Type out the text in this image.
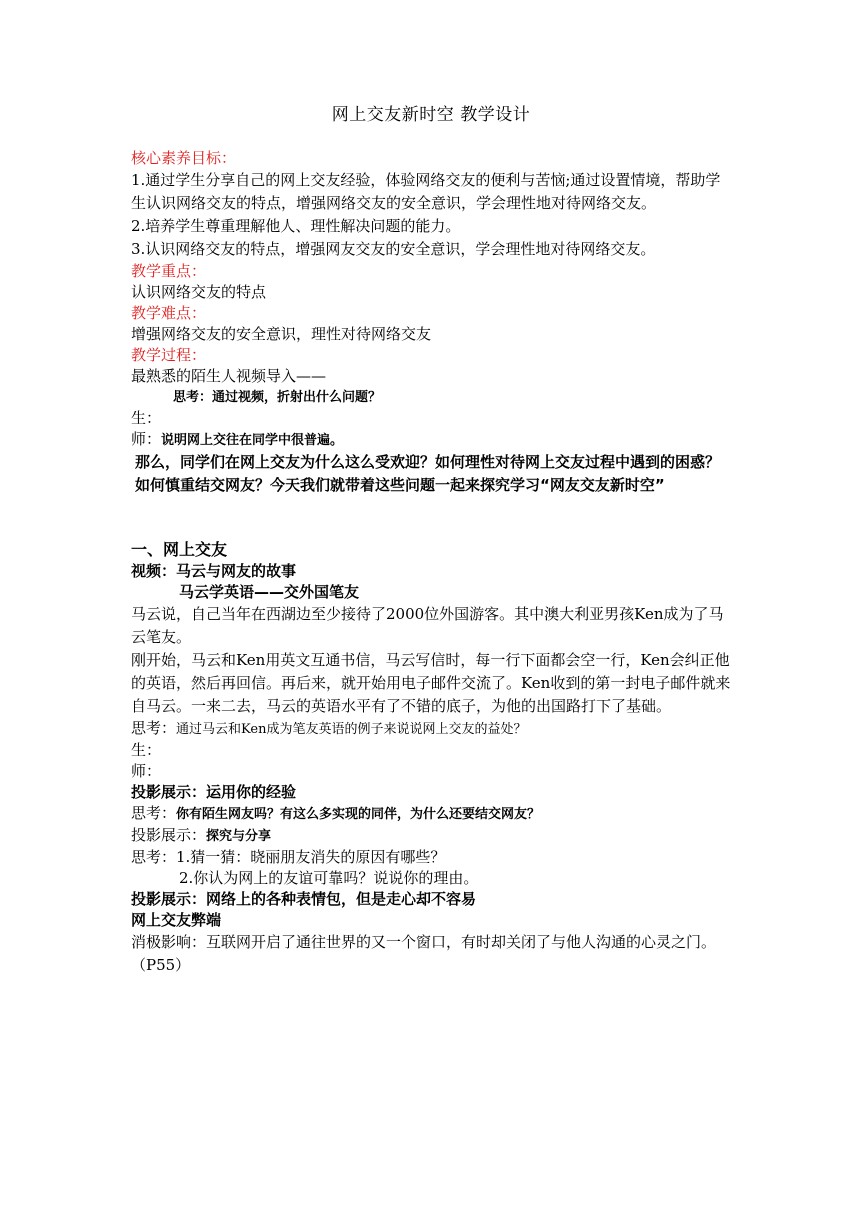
网上交友新时空 教学设计
核心素养目标：
1.通过学生分享自己的网上交友经验，体验网络交友的便利与苦恼;通过设置情境，帮助学生认识网络交友的特点，增强网络交友的安全意识，学会理性地对待网络交友。
2.培养学生尊重理解他人、理性解决问题的能力。
3.认识网络交友的特点，增强网友交友的安全意识，学会理性地对待网络交友。
教学重点：
认识网络交友的特点
教学难点：
增强网络交友的安全意识，理性对待网络交友
教学过程：
最熟悉的陌生人视频导入——
思考：通过视频，折射出什么问题？
生：
师：说明网上交往在同学中很普遍。
那么，同学们在网上交友为什么这么受欢迎？如何理性对待网上交友过程中遇到的困惑？如何慎重结交网友？今天我们就带着这些问题一起来探究学习“网友交友新时空”
一、网上交友
视频：马云与网友的故事
马云学英语——交外国笔友
马云说，自己当年在西湖边至少接待了2000位外国游客。其中澳大利亚男孩Ken成为了马云笔友。
刚开始，马云和Ken用英文互通书信，马云写信时，每一行下面都会空一行，Ken会纠正他的英语，然后再回信。再后来，就开始用电子邮件交流了。Ken收到的第一封电子邮件就来自马云。一来二去，马云的英语水平有了不错的底子，为他的出国路打下了基础。
思考：通过马云和Ken成为笔友英语的例子来说说网上交友的益处？
生：
师：
投影展示：运用你的经验
思考：你有陌生网友吗？有这么多实现的同伴，为什么还要结交网友？
投影展示：探究与分享
思考：1.猜一猜：晓丽朋友消失的原因有哪些？
2.你认为网上的友谊可靠吗？说说你的理由。
投影展示：网络上的各种表情包，但是走心却不容易
网上交友弊端
消极影响：互联网开启了通往世界的又一个窗口，有时却关闭了与他人沟通的心灵之门。 （P55）
